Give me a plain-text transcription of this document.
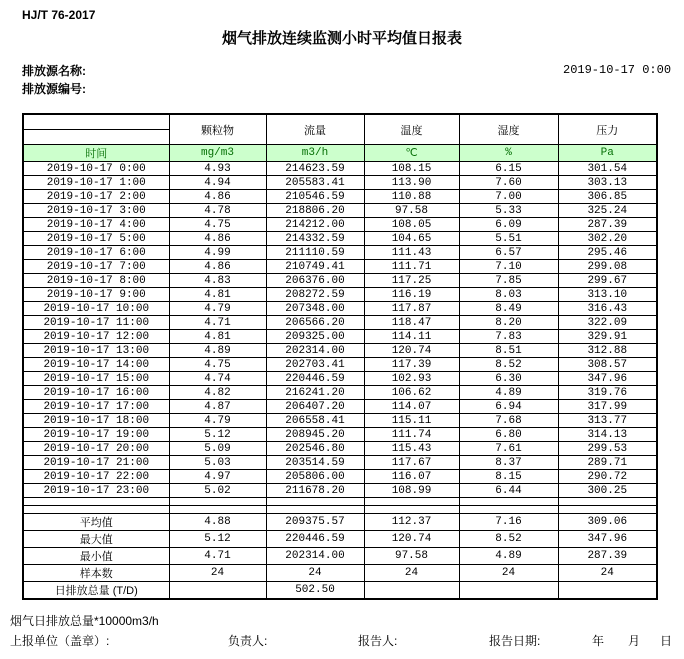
HJ/T 76-2017
烟气排放连续监测小时平均值日报表
排放源名称:
排放源编号:
2019-10-17 0:00
	颗粒物	流量	温度	湿度	压力

时间	mg/m3	m3/h	℃	%	Pa
2019-10-17 0:00	4.93	214623.59	108.15	6.15	301.54
2019-10-17 1:00	4.94	205583.41	113.90	7.60	303.13
2019-10-17 2:00	4.86	210546.59	110.88	7.00	306.85
2019-10-17 3:00	4.78	218806.20	97.58	5.33	325.24
2019-10-17 4:00	4.75	214212.00	108.05	6.09	287.39
2019-10-17 5:00	4.86	214332.59	104.65	5.51	302.20
2019-10-17 6:00	4.99	211110.59	111.43	6.57	295.46
2019-10-17 7:00	4.86	210749.41	111.71	7.10	299.08
2019-10-17 8:00	4.83	206376.00	117.25	7.85	299.67
2019-10-17 9:00	4.81	208272.59	116.19	8.03	313.10
2019-10-17 10:00	4.79	207348.00	117.87	8.49	316.43
2019-10-17 11:00	4.71	206566.20	118.47	8.20	322.09
2019-10-17 12:00	4.81	209325.00	114.11	7.83	329.91
2019-10-17 13:00	4.89	202314.00	120.74	8.51	312.88
2019-10-17 14:00	4.75	202703.41	117.39	8.52	308.57
2019-10-17 15:00	4.74	220446.59	102.93	6.30	347.96
2019-10-17 16:00	4.82	216241.20	106.62	4.89	319.76
2019-10-17 17:00	4.87	206407.20	114.07	6.94	317.99
2019-10-17 18:00	4.79	206558.41	115.11	7.68	313.77
2019-10-17 19:00	5.12	208945.20	111.74	6.80	314.13
2019-10-17 20:00	5.09	202546.80	115.43	7.61	299.53
2019-10-17 21:00	5.03	203514.59	117.67	8.37	289.71
2019-10-17 22:00	4.97	205806.00	116.07	8.15	290.72
2019-10-17 23:00	5.02	211678.20	108.99	6.44	300.25

平均值	4.88	209375.57	112.37	7.16	309.06
最大值	5.12	220446.59	120.74	8.52	347.96
最小值	4.71	202314.00	97.58	4.89	287.39
样本数	24	24	24	24	24
日排放总量 (T/D)		502.50			
烟气日排放总量*10000m3/h
上报单位（盖章）:	负责人:	报告人:	报告日期:	年 月 日
